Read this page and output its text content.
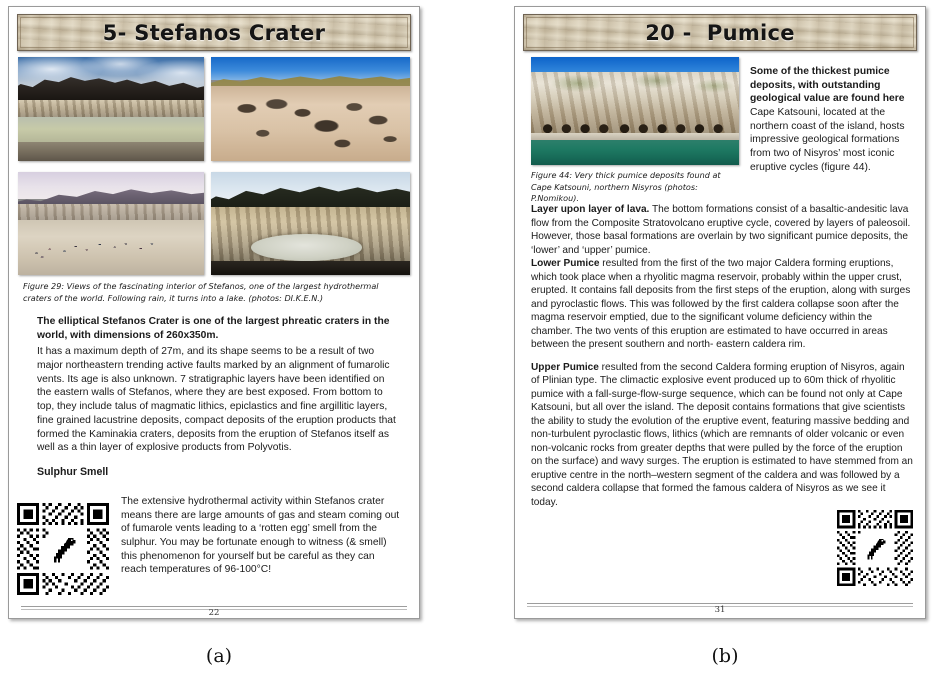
5- Stefanos Crater
Figure 29: Views of the fascinating interior of Stefanos, one of the largest hydrothermal craters of the world. Following rain, it turns into a lake. (photos: DI.K.E.N.)

The elliptical Stefanos Crater is one of the largest phreatic craters in the world, with dimensions of 260x350m.

It has a maximum depth of 27m, and its shape seems to be a result of two major northeastern trending active faults marked by an alignment of fumarolic vents. Its age is also unknown. 7 stratigraphic layers have been identified on the eastern walls of Stefanos, where they are best exposed. From bottom to top, they include talus of magmatic lithics, epiclastics and fine argillitic layers, fine grained lacustrine deposits, compact deposits of the eruption products that formed the Kaminakia craters, deposits from the eruption of Stefanos itself as well as a thin layer of explosive products from Polyvotis.

Sulphur Smell

The extensive hydrothermal activity within Stefanos crater means there are large amounts of gas and steam coming out of fumarole vents leading to a ‘rotten egg’ smell from the sulphur. You may be fortunate enough to witness (& smell) this phenomenon for yourself but be careful as they can reach temperatures of 96-100°C!

22
20 -  Pumice
Figure 44: Very thick pumice deposits found at Cape Katsouni, northern Nisyros (photos: P.Nomikou).

Some of the thickest pumice deposits, with outstanding geological value are found here

Cape Katsouni, located at the northern coast of the island, hosts impressive geological formations from two of Nisyros’ most iconic eruptive cycles (figure 44).

Layer upon layer of lava. The bottom formations consist of a basaltic-andesitic lava flow from the Composite Stratovolcano eruptive cycle, covered by layers of paleosoil. However, those basal formations are overlain by two significant pumice deposits, the ‘lower’ and ‘upper’ pumice.

Lower Pumice resulted from the first of the two major Caldera forming eruptions, which took place when a rhyolitic magma reservoir, probably within the upper crust, erupted. It contains fall deposits from the first steps of the eruption, along with surges and pyroclastic flows. This was followed by the first caldera collapse soon after the magma reservoir emptied, due to the significant volume deficiency within the chamber. The two vents of this eruption are estimated to have occurred in areas between the present southern and north- eastern caldera rim.

Upper Pumice resulted from the second Caldera forming eruption of Nisyros, again of Plinian type. The climactic explosive event produced up to 60m thick of rhyolitic pumice with a fall-surge-flow-surge sequence, which can be found not only at Cape Katsouni, but all over the island. The deposit contains formations that give scientists the ability to study the evolution of the eruptive event, featuring massive bedding and non-turbulent pyroclastic flows, lithics (which are remnants of older volcanic or even non-volcanic rocks from greater depths that were pulled by the force of the eruption on the surface) and wavy surges. The eruption is estimated to have stemmed from an eruptive centre in the north–western segment of the caldera and was followed by a second caldera collapse that formed the famous caldera of Nisyros as we see it today.

31
(a)	(b)
